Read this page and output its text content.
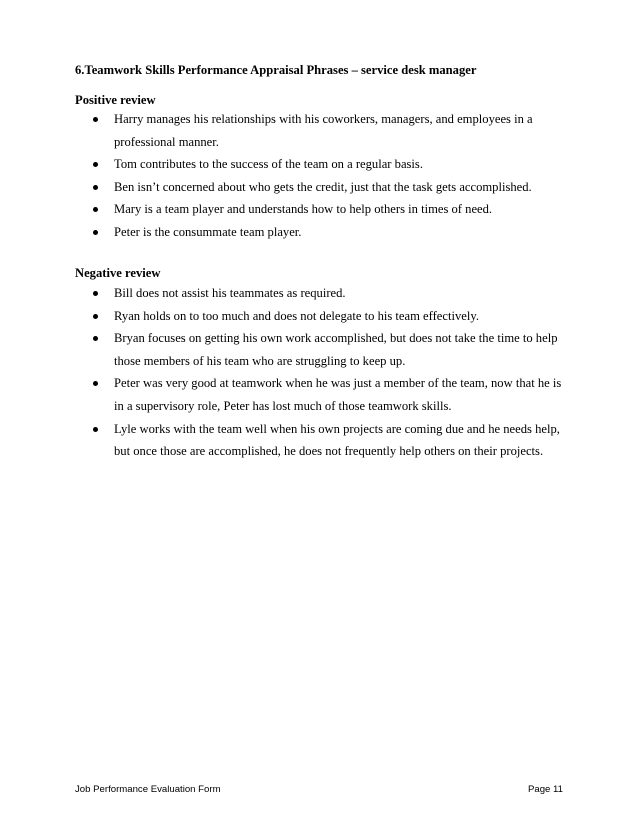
6.Teamwork Skills Performance Appraisal Phrases – service desk manager
Positive review
Harry manages his relationships with his coworkers, managers, and employees in a professional manner.
Tom contributes to the success of the team on a regular basis.
Ben isn’t concerned about who gets the credit, just that the task gets accomplished.
Mary is a team player and understands how to help others in times of need.
Peter is the consummate team player.
Negative review
Bill does not assist his teammates as required.
Ryan holds on to too much and does not delegate to his team effectively.
Bryan focuses on getting his own work accomplished, but does not take the time to help those members of his team who are struggling to keep up.
Peter was very good at teamwork when he was just a member of the team, now that he is in a supervisory role, Peter has lost much of those teamwork skills.
Lyle works with the team well when his own projects are coming due and he needs help, but once those are accomplished, he does not frequently help others on their projects.
Job Performance Evaluation Form	Page 11
